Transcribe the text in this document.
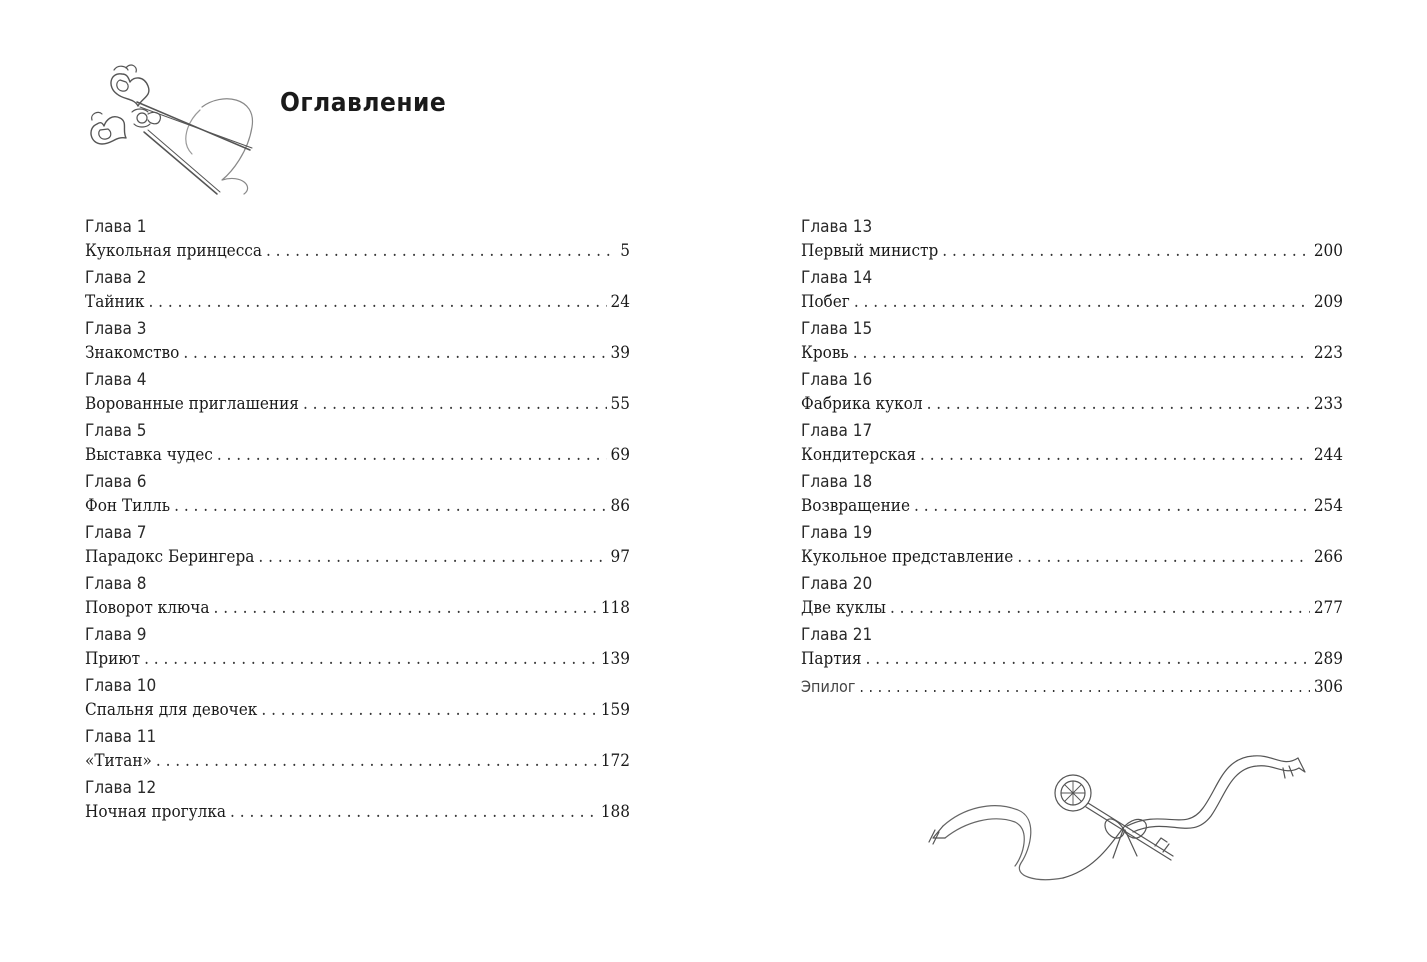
Оглавление
Глава 1
Кукольная принцесса . . .	5
Глава 2
Тайник . . .	24
Глава 3
Знакомство . . .	39
Глава 4
Ворованные приглашения . . .	55
Глава 5
Выставка чудес . . .	69
Глава 6
Фон Тилль . . .	86
Глава 7
Парадокс Берингера . . .	97
Глава 8
Поворот ключа . . .	118
Глава 9
Приют . . .	139
Глава 10
Спальня для девочек . . .	159
Глава 11
«Титан» . . .	172
Глава 12
Ночная прогулка . . .	188
Глава 13
Первый министр . . .	200
Глава 14
Побег . . .	209
Глава 15
Кровь . . .	223
Глава 16
Фабрика кукол . . .	233
Глава 17
Кондитерская . . .	244
Глава 18
Возвращение . . .	254
Глава 19
Кукольное представление . . .	266
Глава 20
Две куклы . . .	277
Глава 21
Партия . . .	289
Эпилог . . .	306
